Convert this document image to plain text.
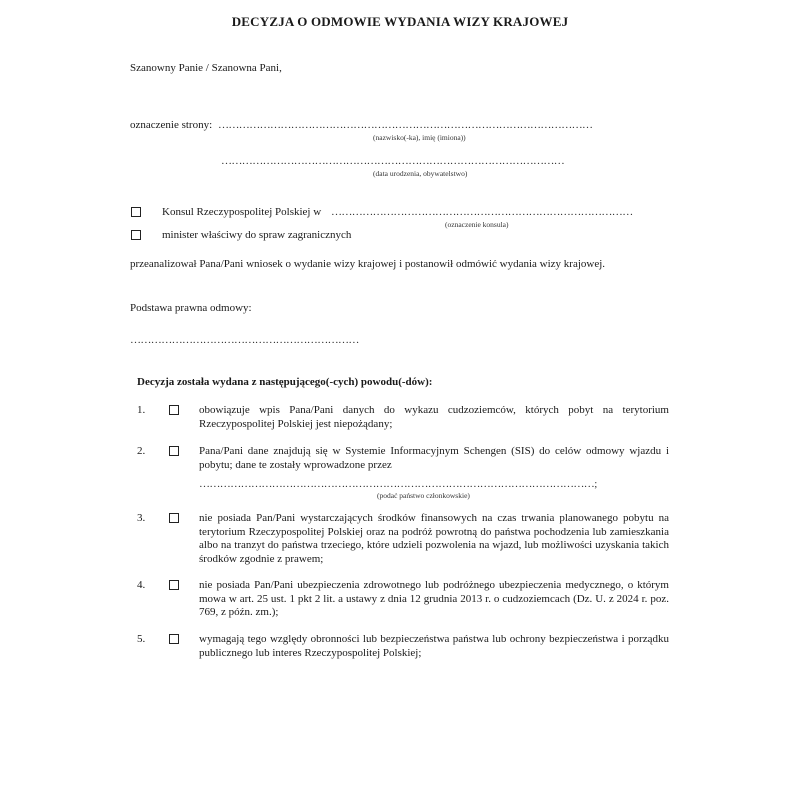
DECYZJA O ODMOWIE WYDANIA WIZY KRAJOWEJ
Szanowny Panie / Szanowna Pani,
oznaczenie strony: ………………………………………………………………………………………………
(nazwisko(-ka), imię (imiona))
………………………………………………………………………………………
(data urodzenia, obywatelstwo)
Konsul Rzeczypospolitej Polskiej w ……………………………………………………………………………
(oznaczenie konsula)
minister właściwy do spraw zagranicznych
przeanalizował Pana/Pani wniosek o wydanie wizy krajowej i postanowił odmówić wydania wizy krajowej.
Podstawa prawna odmowy:
…………………………………………………………
Decyzja została wydana z następującego(-cych) powodu(-dów):
1.	obowiązuje wpis Pana/Pani danych do wykazu cudzoziemców, których pobyt na terytorium Rzeczypospolitej Polskiej jest niepożądany;
2.	Pana/Pani dane znajdują się w Systemie Informacyjnym Schengen (SIS) do celów odmowy wjazdu i pobytu; dane te zostały wprowadzone przez
……………………………………………………………………………………………………;
(podać państwo członkowskie)
3.	nie posiada Pan/Pani wystarczających środków finansowych na czas trwania planowanego pobytu na terytorium Rzeczypospolitej Polskiej oraz na podróż powrotną do państwa pochodzenia lub zamieszkania albo na tranzyt do państwa trzeciego, które udzieli pozwolenia na wjazd, lub możliwości uzyskania takich środków zgodnie z prawem;
4.	nie posiada Pan/Pani ubezpieczenia zdrowotnego lub podróżnego ubezpieczenia medycznego, o którym mowa w art. 25 ust. 1 pkt 2 lit. a ustawy z dnia 12 grudnia 2013 r. o cudzoziemcach (Dz. U. z 2024 r. poz. 769, z późn. zm.);
5.	wymagają tego względy obronności lub bezpieczeństwa państwa lub ochrony bezpieczeństwa i porządku publicznego lub interes Rzeczypospolitej Polskiej;
